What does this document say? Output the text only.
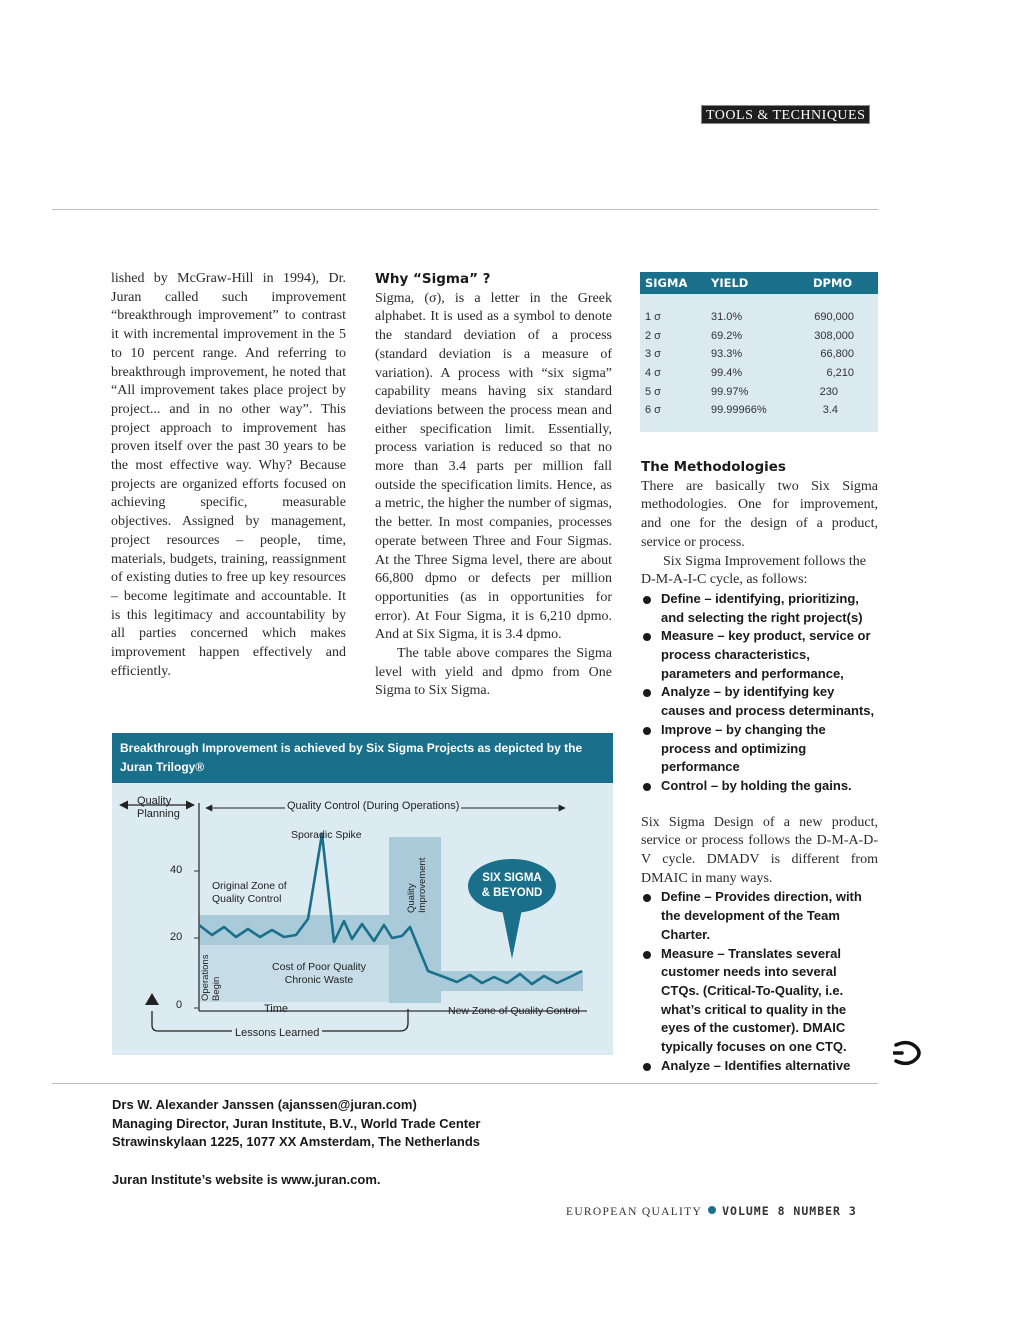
TOOLS & TECHNIQUES

lished by McGraw-Hill in 1994), Dr. Juran called such improvement “breakthrough improvement” to contrast it with incremental improvement in the 5 to 10 percent range. And referring to breakthrough improvement, he noted that “All improvement takes place project by project... and in no other way”. This project approach to improvement has proven itself over the past 30 years to be the most effective way. Why? Because projects are organized efforts focused on achieving specific, measurable objectives. Assigned by management, project resources – people, time, materials, budgets, training, reassignment of existing duties to free up key resources – become legitimate and accountable. It is this legitimacy and accountability by all parties concerned which makes improvement happen effectively and efficiently.

Why “Sigma” ?

Sigma, (σ), is a letter in the Greek alphabet. It is used as a symbol to denote the standard deviation of a process (standard deviation is a measure of variation). A process with “six sigma” capability means having six standard deviations between the process mean and either specification limit. Essentially, process variation is reduced so that no more than 3.4 parts per million fall outside the specification limits. Hence, as a metric, the higher the number of sigmas, the better. In most companies, processes operate between Three and Four Sigmas. At the Three Sigma level, there are about 66,800 dpmo or defects per million opportunities (as in opportunities for error). At Four Sigma, it is 6,210 dpmo. And at Six Sigma, it is 3.4 dpmo.

The table above compares the Sigma level with yield and dpmo from One Sigma to Six Sigma.

SIGMA YIELD	DPMO
1 σ	31.0%	690,000
2 σ	69.2%	308,000
3 σ	93.3%	66,800
4 σ	99.4%	6,210
5 σ	99.97%	230
6 σ	99.99966%	3.4
The Methodologies

There are basically two Six Sigma methodologies. One for improvement, and one for the design of a product, service or process.

Six Sigma Improvement follows the D-M-A-I-C cycle, as follows:

Define – identifying, prioritizing, and selecting the right project(s)
Measure – key product, service or process characteristics, parameters and performance,
Analyze – by identifying key causes and process determinants,
Improve – by changing the process and optimizing performance
Control – by holding the gains.

Six Sigma Design of a new product, service or process follows the D-M-A-D-V cycle. DMADV is different from DMAIC in many ways.

Define – Provides direction, with the development of the Team Charter.
Measure – Translates several customer needs into several CTQs. (Critical-To-Quality, i.e. what’s critical to quality in the eyes of the customer). DMAIC typically focuses on one CTQ.
Analyze – Identifies alternative
Breakthrough Improvement is achieved by Six Sigma Projects as depicted by the Juran Trilogy®
Quality
Planning
Quality Control (During Operations)
Sporadic Spike
Original Zone of
Quality Control	Quality Improvement	SIX SIGMA
& BEYOND
Cost of Poor Quality
Chronic Waste
Operations Begin
Time	New Zone of Quality Control
Lessons Learned
40
20
0
Drs W. Alexander Janssen (ajanssen@juran.com)
Managing Director, Juran Institute, B.V., World Trade Center
Strawinskylaan 1225, 1077 XX Amsterdam, The Netherlands
Juran Institute’s website is www.juran.com.
EUROPEAN QUALITY VOLUME 8 NUMBER 3
